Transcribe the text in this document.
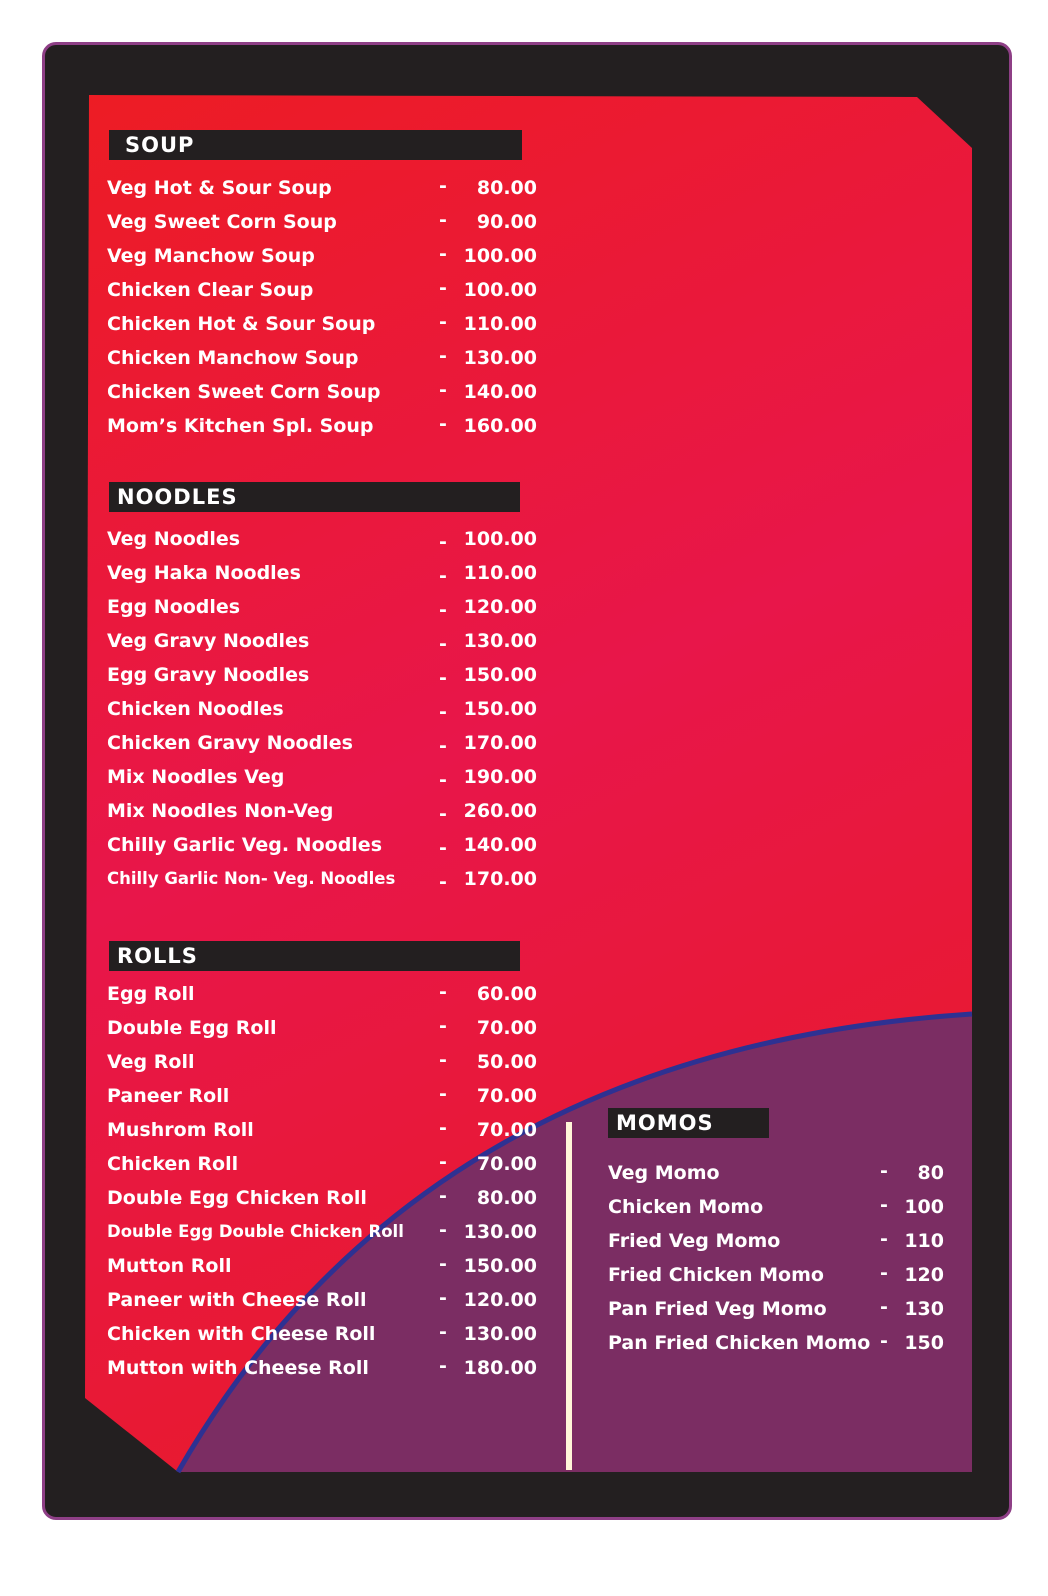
SOUP
Veg Hot & Sour Soup	-	80.00
Veg Sweet Corn Soup	-	90.00
Veg Manchow Soup	- 100.00
Chicken Clear Soup	- 100.00
Chicken Hot & Sour Soup	- 110.00
Chicken Manchow Soup	- 130.00
Chicken Sweet Corn Soup	- 140.00
Mom’s Kitchen Spl. Soup	- 160.00
NOODLES
Veg Noodles	- 100.00
Veg Haka Noodles	- 110.00
Egg Noodles	- 120.00
Veg Gravy Noodles	- 130.00
Egg Gravy Noodles	- 150.00
Chicken Noodles	- 150.00
Chicken Gravy Noodles	- 170.00
Mix Noodles Veg	- 190.00
Mix Noodles Non-Veg	- 260.00
Chilly Garlic Veg. Noodles	- 140.00
Chilly Garlic Non- Veg. Noodles - 170.00
ROLLS
Egg Roll	-	60.00
Double Egg Roll	-	70.00
Veg Roll	-	50.00
Paneer Roll	-	70.00
Mushrom Roll	-	70.00
Chicken Roll	-	70.00
Double Egg Chicken Roll	-	80.00
Double Egg Double Chicken Roll - 130.00
Mutton Roll	- 150.00
Paneer with Cheese Roll	- 120.00
Chicken with Cheese Roll	- 130.00
Mutton with Cheese Roll	- 180.00
MOMOS
Veg Momo	-	80
Chicken Momo	- 100
Fried Veg Momo	- 110
Fried Chicken Momo	- 120
Pan Fried Veg Momo	- 130
Pan Fried Chicken Momo - 150
